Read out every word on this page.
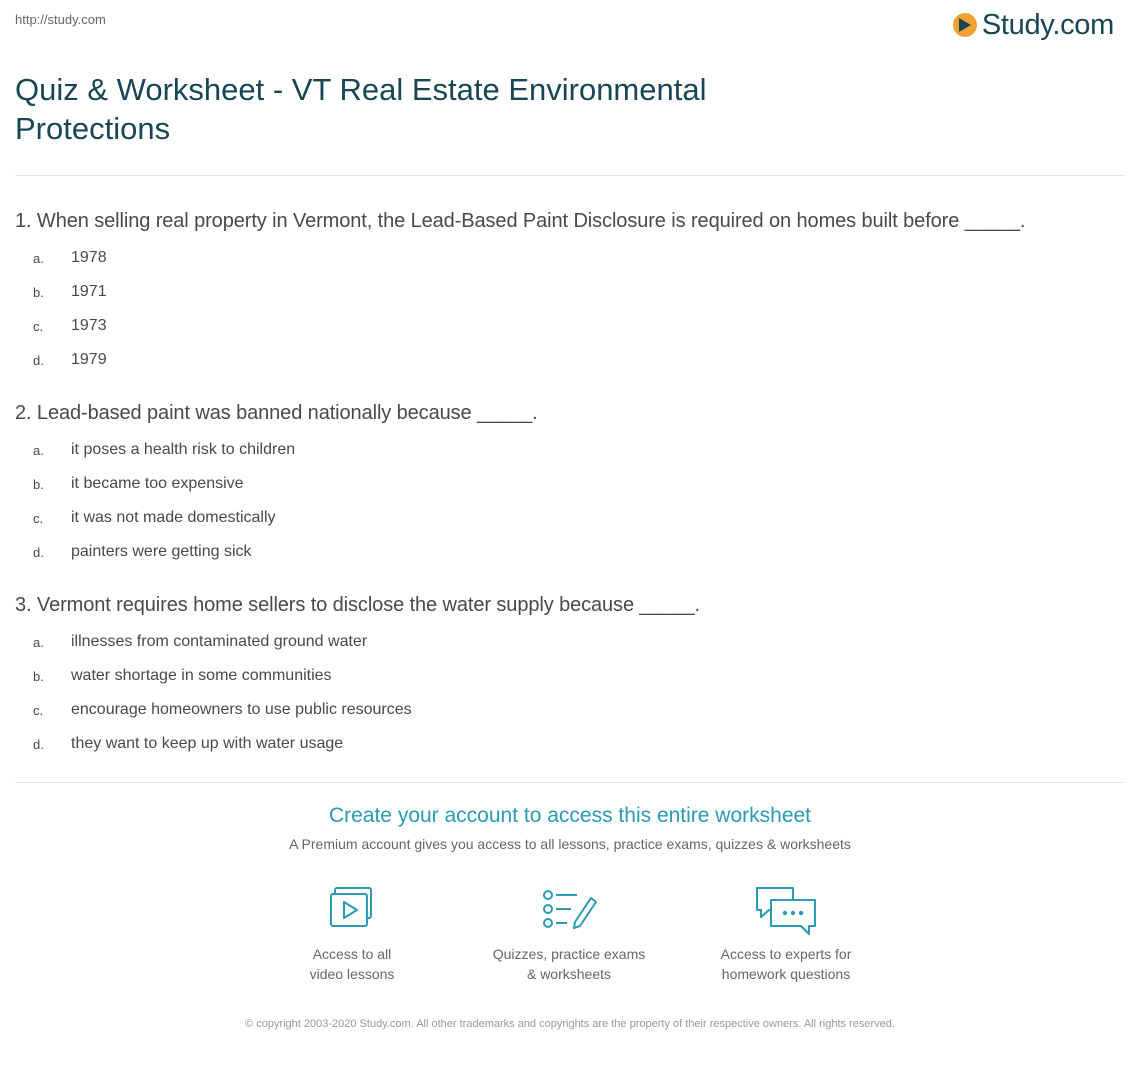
http://study.com	Study.com
Quiz & Worksheet - VT Real Estate Environmental Protections

1. When selling real property in Vermont, the Lead-Based Paint Disclosure is required on homes built before _____.

a.	1978
b.	1971
c.	1973
d.	1979

2. Lead-based paint was banned nationally because _____.

a.	it poses a health risk to children
b.	it became too expensive
c.	it was not made domestically
d.	painters were getting sick

3. Vermont requires home sellers to disclose the water supply because _____.

a.	illnesses from contaminated ground water
b.	water shortage in some communities
c.	encourage homeowners to use public resources
d.	they want to keep up with water usage
Create your account to access this entire worksheet
A Premium account gives you access to all lessons, practice exams, quizzes & worksheets
Access to all
video lessons
Quizzes, practice exams
& worksheets
Access to experts for
homework questions
© copyright 2003-2020 Study.com. All other trademarks and copyrights are the property of their respective owners. All rights reserved.
